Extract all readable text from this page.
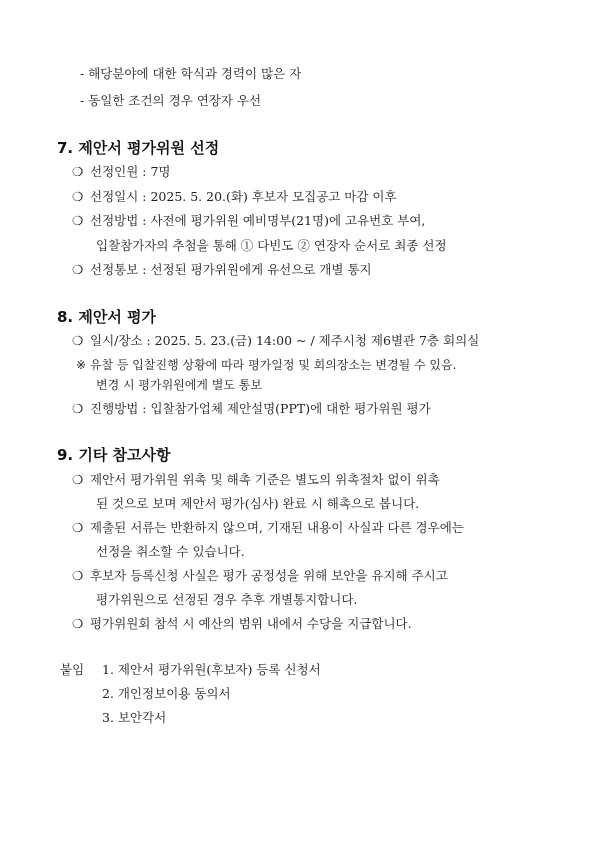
- 해당분야에 대한 학식과 경력이 많은 자
- 동일한 조건의 경우 연장자 우선
7. 제안서 평가위원 선정
❍ 선정인원 : 7명
❍ 선정일시 : 2025. 5. 20.(화) 후보자 모집공고 마감 이후
❍ 선정방법 : 사전에 평가위원 예비명부(21명)에 고유번호 부여,
입찰참가자의 추첨을 통해 ① 다빈도 ② 연장자 순서로 최종 선정
❍ 선정통보 : 선정된 평가위원에게 유선으로 개별 통지
8. 제안서 평가
❍ 일시/장소 : 2025. 5. 23.(금) 14:00 ~ / 제주시청 제6별관 7층 회의실
※ 유찰 등 입찰진행 상황에 따라 평가일정 및 회의장소는 변경될 수 있음.
변경 시 평가위원에게 별도 통보
❍ 진행방법 : 입찰참가업체 제안설명(PPT)에 대한 평가위원 평가
9. 기타 참고사항
❍ 제안서 평가위원 위촉 및 해촉 기준은 별도의 위촉절차 없이 위촉
된 것으로 보며 제안서 평가(심사) 완료 시 해촉으로 봅니다.
❍ 제출된 서류는 반환하지 않으며, 기재된 내용이 사실과 다른 경우에는
선정을 취소할 수 있습니다.
❍ 후보자 등록신청 사실은 평가 공정성을 위해 보안을 유지해 주시고
평가위원으로 선정된 경우 추후 개별통지합니다.
❍ 평가위원회 참석 시 예산의 범위 내에서 수당을 지급합니다.
붙임 1. 제안서 평가위원(후보자) 등록 신청서
2. 개인정보이용 동의서
3. 보안각서
